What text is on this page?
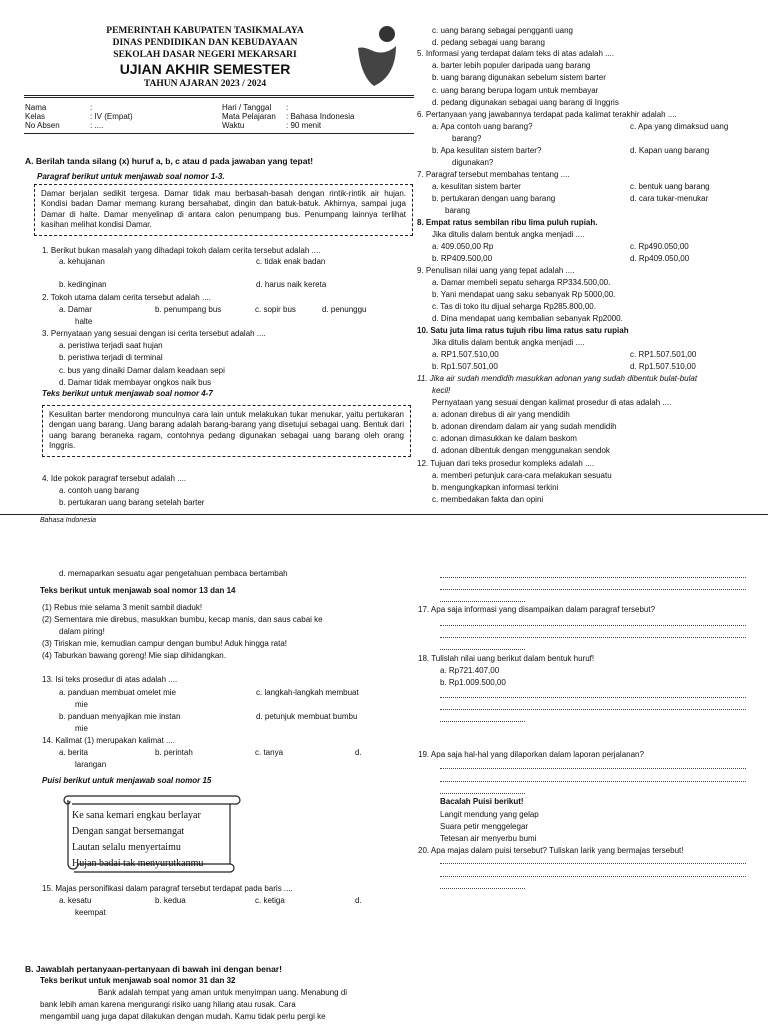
PEMERINTAH KABUPATEN TASIKMALAYA
DINAS PENDIDIKAN DAN KEBUDAYAAN
SEKOLAH DASAR NEGERI MEKARSARI
UJIAN AKHIR SEMESTER
TAHUN AJARAN 2023 / 2024
Nama	:
Kelas	: IV (Empat)
No Absen	: ....
Hari / Tanggal :
Mata Pelajaran : Bahasa Indonesia
Waktu	: 90 menit
A. Berilah tanda silang (x) huruf a, b, c atau d pada jawaban yang tepat!
Paragraf berikut untuk menjawab soal nomor 1-3.
Damar berjalan sedikit tergesa. Damar tidak mau berbasah-basah dengan rintik-rintik air hujan. Kondisi badan Damar memang kurang bersahabat, dingin dan batuk-batuk. Akhirnya, sampai juga Damar di halte. Damar menyelinap di antara calon penumpang bus. Penumpang lainnya terlihat kasihan melihat kondisi Damar.
1. Berikut bukan masalah yang dihadapi tokoh dalam cerita tersebut adalah ....
a. kehujanan	c. tidak enak badan
b. kedinginan	d. harus naik kereta
2. Tokoh utama dalam cerita tersebut adalah ....
a. Damar	b. penumpang bus	c. sopir bus	d. penunggu
halte
3. Pernyataan yang sesuai dengan isi cerita tersebut adalah ....
a. peristiwa terjadi saat hujan
b. peristiwa terjadi di terminal
c. bus yang dinaiki Damar dalam keadaan sepi
d. Damar tidak membayar ongkos naik bus
Teks berikut untuk menjawab soal nomor 4-7
Kesulitan barter mendorong munculnya cara lain untuk melakukan tukar menukar, yaitu pertukaran dengan uang barang. Uang barang adalah barang-barang yang disetujui sebagai uang. Bentuk dari uang barang beraneka ragam, contohnya pedang digunakan sebagai uang barang oleh orang Inggris.
4. Ide pokok paragraf tersebut adalah ....
a. contoh uang barang
b. pertukaran uang barang setelah barter
c. uang barang sebagai pengganti uang
d. pedang sebagai uang barang
5. Informasi yang terdapat dalam teks di atas adalah ....
a. barter lebih populer daripada uang barang
b. uang barang digunakan sebelum sistem barter
c. uang barang berupa logam untuk membayar
d. pedang digunakan sebagai uang barang di Inggris
6. Pertanyaan yang jawabannya terdapat pada kalimat terakhir adalah ....
a. Apa contoh uang barang?	c. Apa yang dimaksud uang
barang?
b. Apa kesulitan sistem barter?	d. Kapan uang barang
digunakan?
7. Paragraf tersebut membahas tentang ....
a. kesulitan sistem barter	c. bentuk uang barang
b. pertukaran dengan uang barang	d. cara tukar-menukar
barang
8. Empat ratus sembilan ribu lima puluh rupiah.
Jika ditulis dalam bentuk angka menjadi ....
a. 409.050,00 Rp	c. Rp490.050,00
b. RP409.500,00	d. Rp409.050,00
9. Penulisan nilai uang yang tepat adalah ....
a. Damar membeli sepatu seharga RP334.500,00.
b. Yani mendapat uang saku sebanyak Rp 5000,00.
c. Tas di toko itu dijual seharga Rp285.800,00.
d. Dina mendapat uang kembalian sebanyak Rp2000.
10. Satu juta lima ratus tujuh ribu lima ratus satu rupiah
Jika ditulis dalam bentuk angka menjadi ....
a. RP1.507.510,00	c. RP1.507.501,00
b. Rp1.507.501,00	d. Rp1.507.510,00
11. Jika air sudah mendidih masukkan adonan yang sudah dibentuk bulat-bulat
kecil!
Pernyataan yang sesuai dengan kalimat prosedur di atas adalah ....
a. adonan direbus di air yang mendidih
b. adonan direndam dalam air yang sudah mendidih
c. adonan dimasukkan ke dalam baskom
d. adonan dibentuk dengan menggunakan sendok
12. Tujuan dari teks prosedur kompleks adalah ....
a. memberi petunjuk cara-cara melakukan sesuatu
b. mengungkapkan informasi terkini
c. membedakan fakta dan opini
Bahasa Indonesia
d. memaparkan sesuatu agar pengetahuan pembaca bertambah
Teks berikut untuk menjawab soal nomor 13 dan 14
(1) Rebus mie selama 3 menit sambil diaduk!
(2) Sementara mie direbus, masukkan bumbu, kecap manis, dan saus cabai ke
dalam piring!
(3) Tiriskan mie, kemudian campur dengan bumbu! Aduk hingga rata!
(4) Taburkan bawang goreng! Mie siap dihidangkan.
13. Isi teks prosedur di atas adalah ....
a. panduan membuat omelet mie	c. langkah-langkah membuat
mie
b. panduan menyajikan mie instan	d. petunjuk membuat bumbu
mie
14. Kalimat (1) merupakan kalimat ....
a. berita	b. perintah	c. tanya	d.
larangan
Puisi berikut untuk menjawab soal nomor 15
Ke sana kemari engkau berlayar
Dengan sangat bersemangat
Lautan selalu menyertaimu
Hujan badai tak menyurutkanmu
15. Majas personifikasi dalam paragraf tersebut terdapat pada baris ....
a. kesatu	b. kedua	c. ketiga	d.
keempat
B. Jawablah pertanyaan-pertanyaan di bawah ini dengan benar!
Teks berikut untuk menjawab soal nomor 31 dan 32
Bank adalah tempat yang aman untuk menyimpan uang. Menabung di
bank lebih aman karena mengurangi risiko uang hilang atau rusak. Cara
mengambil uang juga dapat dilakukan dengan mudah. Kamu tidak perlu pergi ke
17. Apa saja informasi yang disampaikan dalam paragraf tersebut?
18. Tulislah nilai uang berikut dalam bentuk huruf!
a. Rp721.407,00
b. Rp1.009.500,00
19. Apa saja hal-hal yang dilaporkan dalam laporan perjalanan?
Bacalah Puisi berikut!
Langit mendung yang gelap
Suara petir menggelegar
Tetesan air menyerbu bumi
20. Apa majas dalam puisi tersebut? Tuliskan larik yang bermajas tersebut!
